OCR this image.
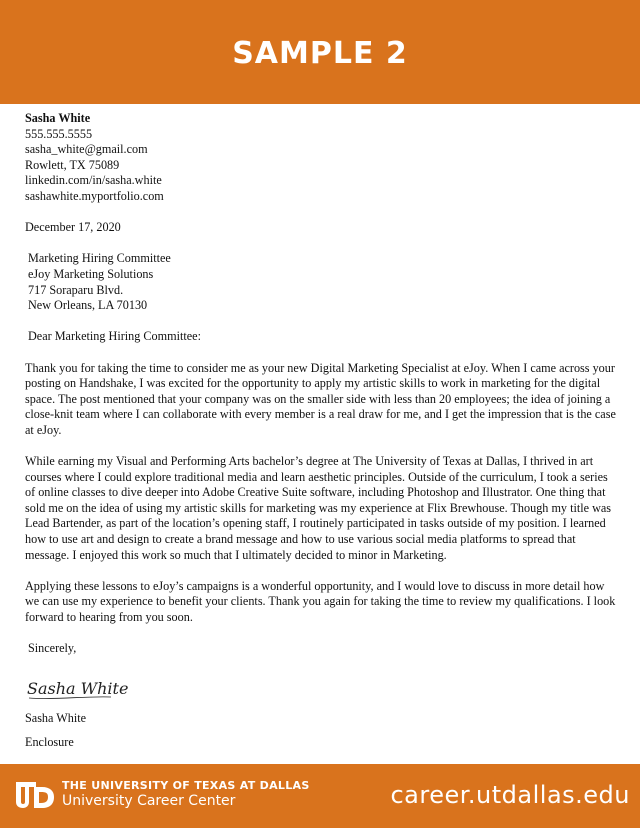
SAMPLE 2

Sasha White

555.555.5555

sasha_white@gmail.com

Rowlett, TX 75089

linkedin.com/in/sasha.white

sashawhite.myportfolio.com

December 17, 2020

Marketing Hiring Committee

eJoy Marketing Solutions

717 Soraparu Blvd.

New Orleans, LA 70130

Dear Marketing Hiring Committee:

Thank you for taking the time to consider me as your new Digital Marketing Specialist at eJoy. When I came across your posting on Handshake, I was excited for the opportunity to apply my artistic skills to work in marketing for the digital space. The post mentioned that your company was on the smaller side with less than 20 employees; the idea of joining a close-knit team where I can collaborate with every member is a real draw for me, and I get the impression that is the case at eJoy.

While earning my Visual and Performing Arts bachelor’s degree at The University of Texas at Dallas, I thrived in art courses where I could explore traditional media and learn aesthetic principles. Outside of the curriculum, I took a series of online classes to dive deeper into Adobe Creative Suite software, including Photoshop and Illustrator. One thing that sold me on the idea of using my artistic skills for marketing was my experience at Flix Brewhouse. Though my title was Lead Bartender, as part of the location’s opening staff, I routinely participated in tasks outside of my position. I learned how to use art and design to create a brand message and how to use various social media platforms to spread that message. I enjoyed this work so much that I ultimately decided to minor in Marketing.

Applying these lessons to eJoy’s campaigns is a wonderful opportunity, and I would love to discuss in more detail how we can use my experience to benefit your clients. Thank you again for taking the time to review my qualifications. I look forward to hearing from you soon.

Sincerely,

Sasha White
Sasha White
Enclosure
THE UNIVERSITY OF TEXAS AT DALLAS
University Career Center	career.utdallas.edu
